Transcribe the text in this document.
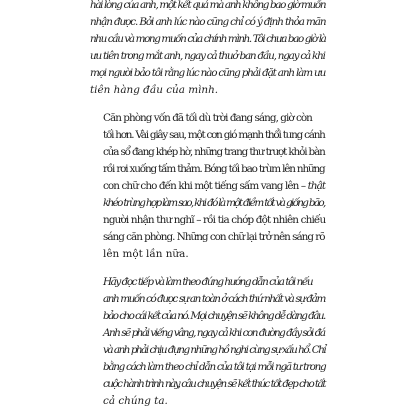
hài lòng của anh, một kết quả mà anh không bao giờ muốn
nhận được. Bởi anh lúc nào cũng chỉ có ý định thỏa mãn
nhu cầu và mong muốn của chính mình. Tôi chưa bao giờ là
ưu tiên trong mắt anh, ngay cả thuở ban đầu, ngay cả khi
mọi người bảo tôi rằng lúc nào cũng phải đặt anh làm ưu
tiên hàng đầu của mình.

Căn phòng vốn đã tối dù trời đang sáng, giờ còn
tối hơn. Vài giây sau, một cơn gió mạnh thổi tung cánh
cửa sổ đang khép hờ, những trang thư trượt khỏi bàn
rồi rơi xuống tấm thảm. Bóng tối bao trùm lên những
con chữ cho đến khi một tiếng sấm vang lên – thật
khéo trùng hợp làm sao, khi đó là một điềm tốt và giống bão,
người nhận thư nghĩ – rồi tia chớp đột nhiên chiếu
sáng căn phòng. Những con chữ lại trở nên sáng rõ
lên một lần nữa.

Hãy đọc tiếp và làm theo đúng hướng dẫn của tôi nếu
anh muốn có được sự an toàn ở cách thứ nhất và sự đảm
bảo cho cái kết của nó. Mọi chuyện sẽ không dễ dàng đâu.
Anh sẽ phải viếng vâng, ngay cả khi con đường đầy sỏi đá
và anh phải chịu đựng những hồ nghi cùng sự xấu hổ. Chỉ
bằng cách làm theo chỉ dẫn của tôi tại mỗi ngã tư trong
cuộc hành trình này, câu chuyện sẽ kết thúc tốt đẹp cho tất
cả chúng ta.
